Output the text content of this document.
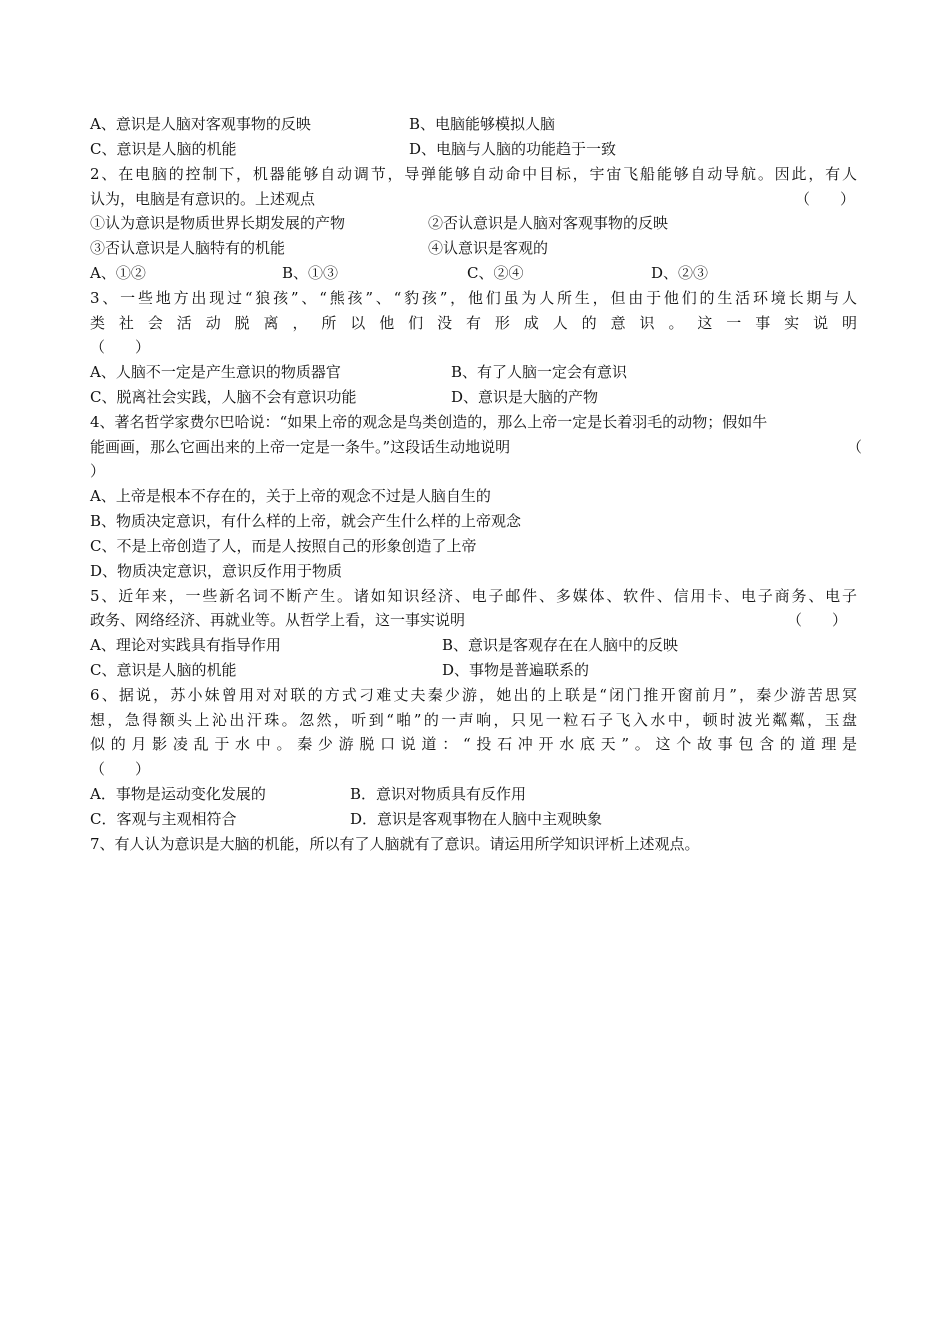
A、意识是人脑对客观事物的反映	B、电脑能够模拟人脑
C、意识是人脑的机能	D、电脑与人脑的功能趋于一致
2、在电脑的控制下，机器能够自动调节，导弹能够自动命中目标，宇宙飞船能够自动导航。因此，有人
认为，电脑是有意识的。上述观点	（　　）
①认为意识是物质世界长期发展的产物	②否认意识是人脑对客观事物的反映
③否认意识是人脑特有的机能	④认意识是客观的
A、①②	B、①③	C、②④	D、②③
3、一些地方出现过“狼孩”、“熊孩”、“豹孩”，他们虽为人所生，但由于他们的生活环境长期与人
类社会活动脱离，所以他们没有形成人的意识。这一事实说明
（　　）
A、人脑不一定是产生意识的物质器官	B、有了人脑一定会有意识
C、脱离社会实践，人脑不会有意识功能	D、意识是大脑的产物
4、著名哲学家费尔巴哈说：“如果上帝的观念是鸟类创造的，那么上帝一定是长着羽毛的动物；假如牛
能画画，那么它画出来的上帝一定是一条牛。”这段话生动地说明	（
）
A、上帝是根本不存在的，关于上帝的观念不过是人脑自生的
B、物质决定意识，有什么样的上帝，就会产生什么样的上帝观念
C、不是上帝创造了人，而是人按照自己的形象创造了上帝
D、物质决定意识，意识反作用于物质
5、近年来，一些新名词不断产生。诸如知识经济、电子邮件、多媒体、软件、信用卡、电子商务、电子
政务、网络经济、再就业等。从哲学上看，这一事实说明	（　　）
A、理论对实践具有指导作用	B、意识是客观存在在人脑中的反映
C、意识是人脑的机能	D、事物是普遍联系的
6、据说，苏小妹曾用对对联的方式刁难丈夫秦少游，她出的上联是“闭门推开窗前月”，秦少游苦思冥
想，急得额头上沁出汗珠。忽然，听到“啪”的一声响，只见一粒石子飞入水中，顿时波光粼粼，玉盘
似的月影凌乱于水中。秦少游脱口说道：“投石冲开水底天”。这个故事包含的道理是
（　　）
A．事物是运动变化发展的	B．意识对物质具有反作用
C．客观与主观相符合	D．意识是客观事物在人脑中主观映象
7、有人认为意识是大脑的机能，所以有了人脑就有了意识。请运用所学知识评析上述观点。
